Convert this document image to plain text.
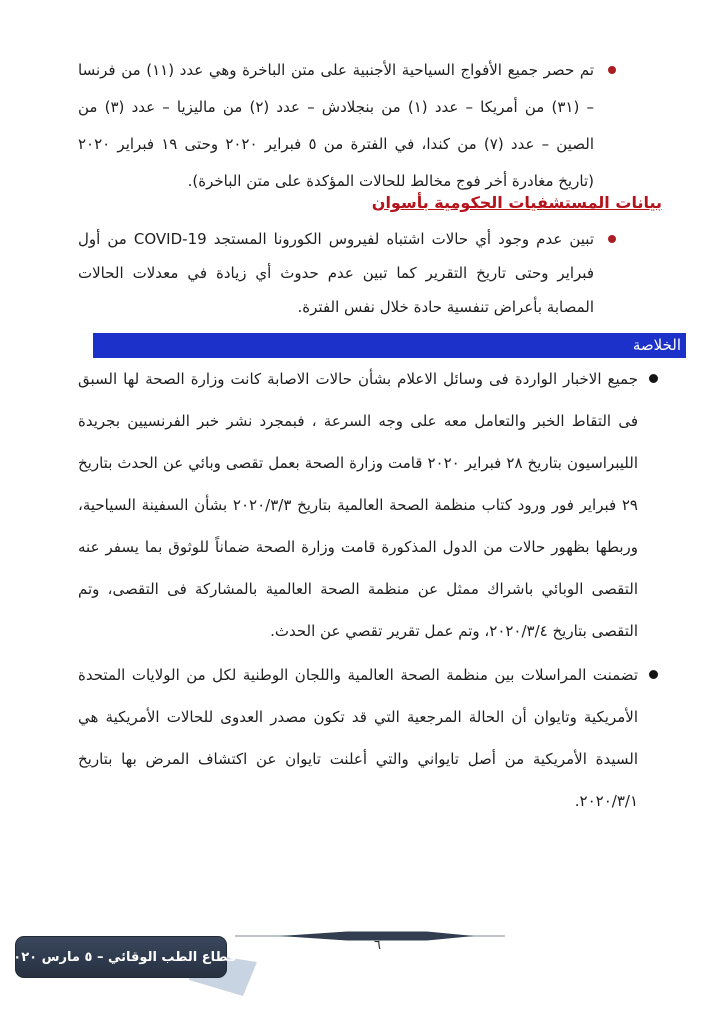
تم حصر جميع الأفواج السياحية الأجنبية على متن الباخرة وهي عدد (١١) من فرنسا – (٣١) من أمريكا – عدد (١) من بنجلادش – عدد (٢) من ماليزيا – عدد (٣) من الصين – عدد (٧) من كندا، في الفترة من ٥ فبراير ٢٠٢٠ وحتى ١٩ فبراير ٢٠٢٠ (تاريخ مغادرة أخر فوج مخالط للحالات المؤكدة على متن الباخرة).
بيانات المستشفيات الحكومية بأسوان
تبين عدم وجود أي حالات اشتباه لفيروس الكورونا المستجد COVID-19 من أول فبراير وحتى تاريخ التقرير كما تبين عدم حدوث أي زيادة في معدلات الحالات المصابة بأعراض تنفسية حادة خلال نفس الفترة.
الخلاصة
جميع الاخبار الواردة فى وسائل الاعلام بشأن حالات الاصابة كانت وزارة الصحة لها السبق فى التقاط الخبر والتعامل معه على وجه السرعة ، فبمجرد نشر خبر الفرنسيين بجريدة الليبراسيون بتاريخ ٢٨ فبراير ٢٠٢٠ قامت وزارة الصحة بعمل تقصى وبائي عن الحدث بتاريخ ٢٩ فبراير فور ورود كتاب منظمة الصحة العالمية بتاريخ ٢٠٢٠/٣/٣ بشأن السفينة السياحية، وربطها بظهور حالات من الدول المذكورة قامت وزارة الصحة ضماناً للوثوق بما يسفر عنه التقصى الوبائي باشراك ممثل عن منظمة الصحة العالمية بالمشاركة فى التقصى، وتم التقصى بتاريخ ٢٠٢٠/٣/٤، وتم عمل تقرير تقصي عن الحدث.
تضمنت المراسلات بين منظمة الصحة العالمية واللجان الوطنية لكل من الولايات المتحدة الأمريكية وتايوان أن الحالة المرجعية التي قد تكون مصدر العدوى للحالات الأمريكية هي السيدة الأمريكية من أصل تايواني والتي أعلنت تايوان عن اكتشاف المرض بها بتاريخ ٢٠٢٠/٣/١.
قطاع الطب الوقائي – ٥ مارس ٢٠٢٠
٦
